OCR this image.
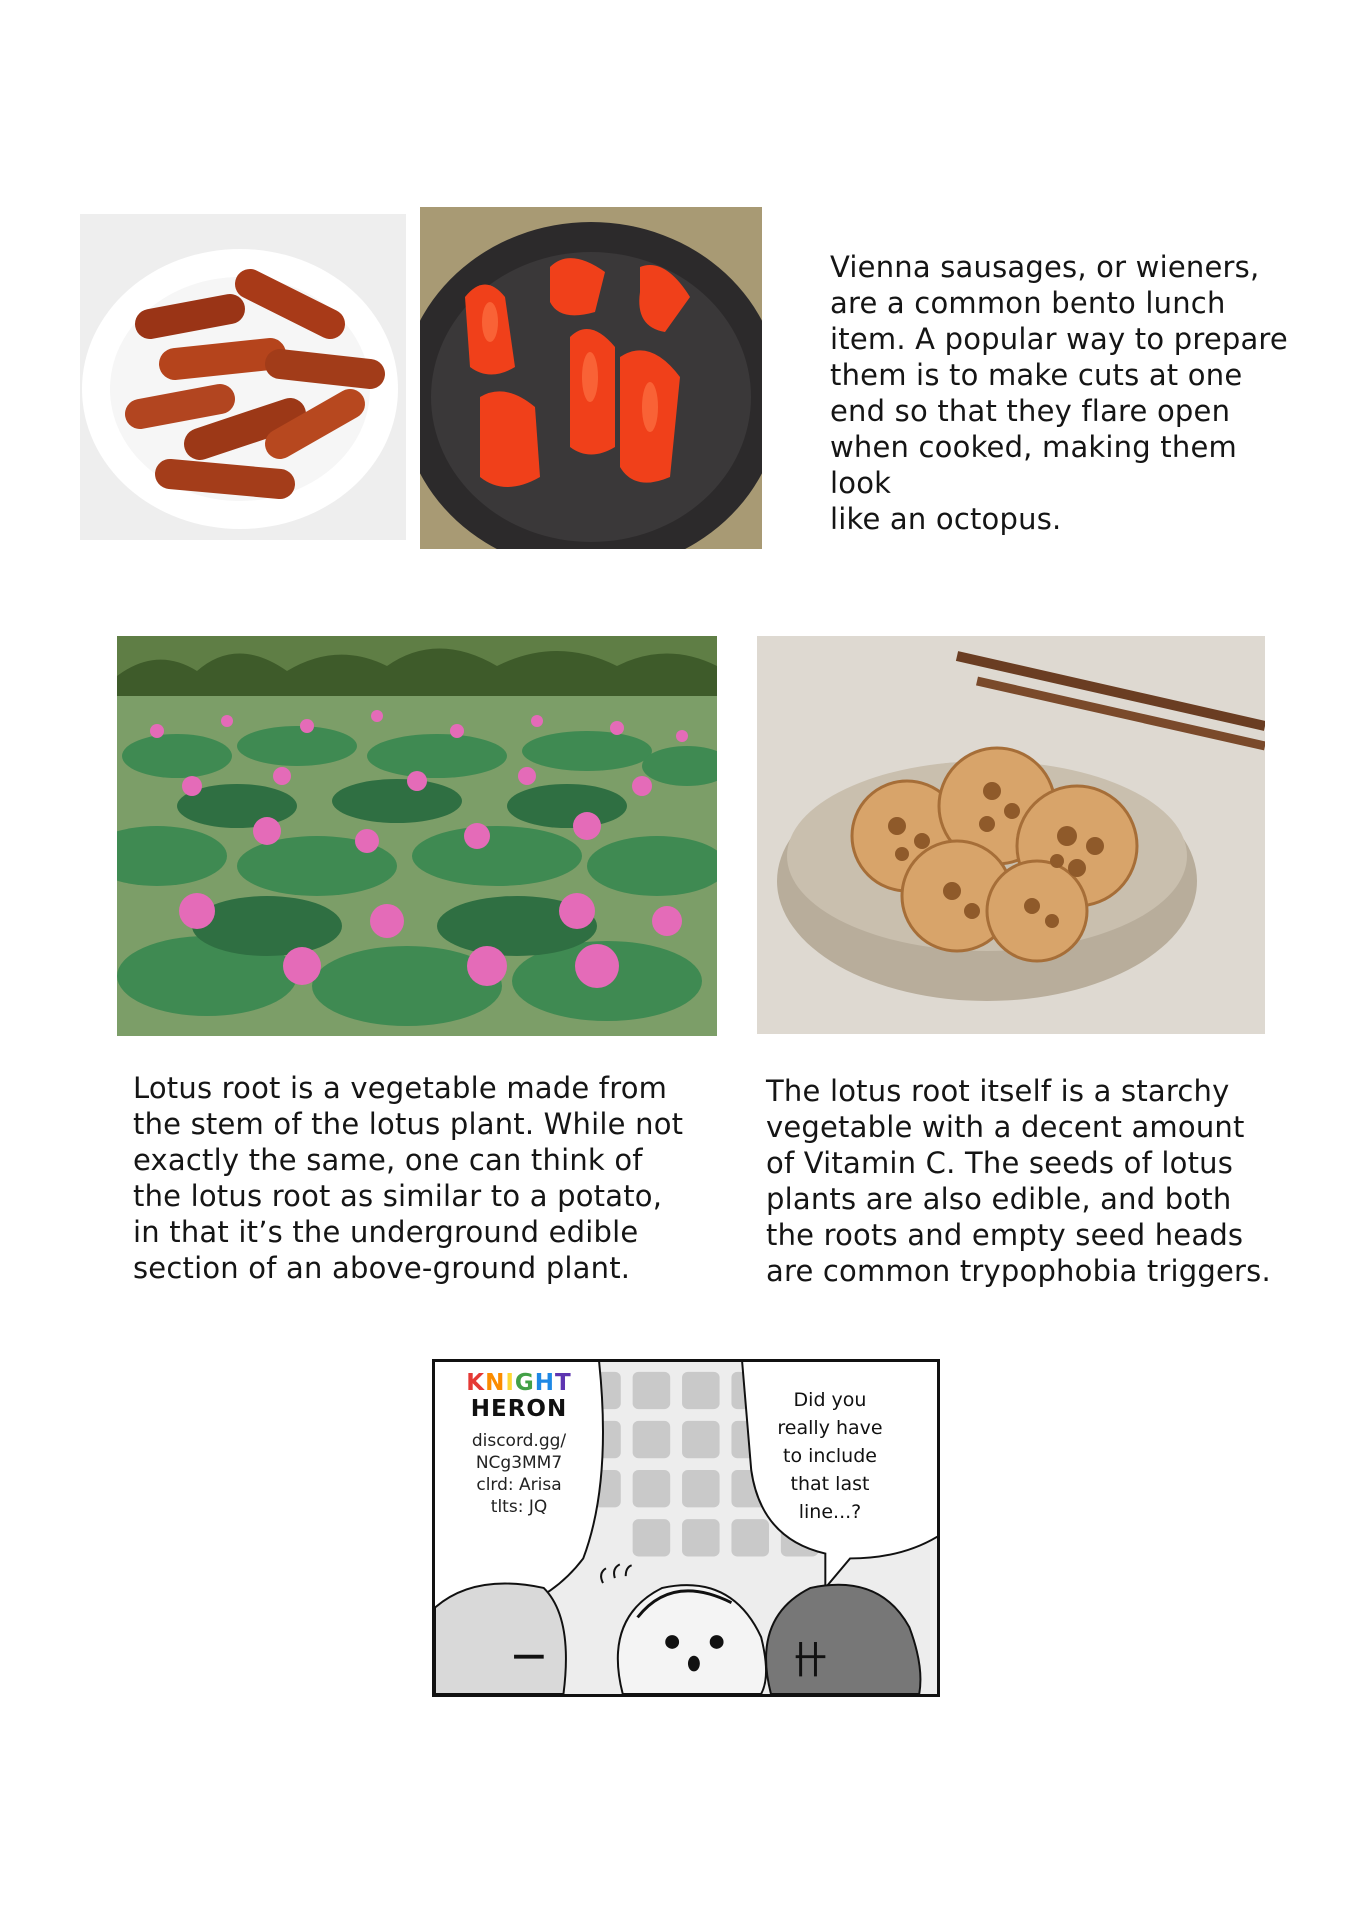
Vienna sausages, or wieners,
are a common bento lunch
item. A popular way to prepare
them is to make cuts at one
end so that they flare open
when cooked, making them look
like an octopus.
Lotus root is a vegetable made from
the stem of the lotus plant. While not
exactly the same, one can think of
the lotus root as similar to a potato,
in that it’s the underground edible
section of an above-ground plant.
The lotus root itself is a starchy
vegetable with a decent amount
of Vitamin C. The seeds of lotus
plants are also edible, and both
the roots and empty seed heads
are common trypophobia triggers.
KNIGHT
HERON
discord.gg/
NCg3MM7
clrd: Arisa
tlts: JQ
Did you
really have
to include
that last
line...?
